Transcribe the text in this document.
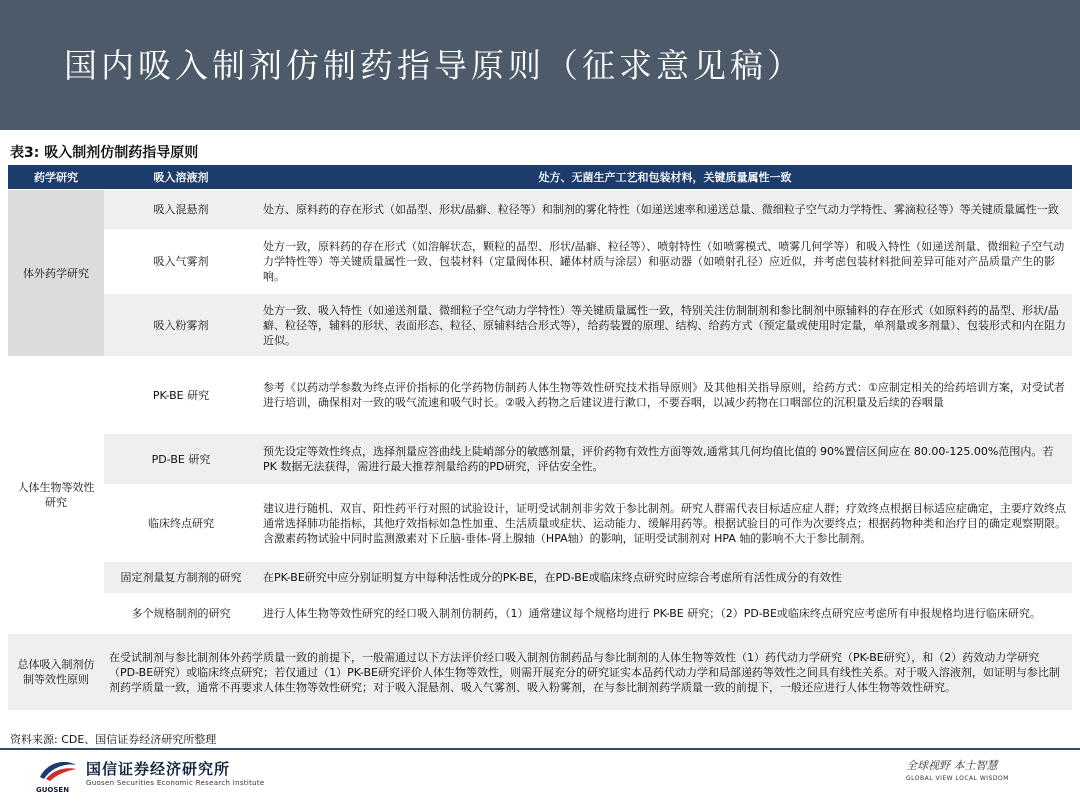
国内吸入制剂仿制药指导原则（征求意见稿）
表3: 吸入制剂仿制药指导原则
药学研究	吸入溶液剂	处方、无菌生产工艺和包装材料，关键质量属性一致
体外药学研究	吸入混悬剂	处方、原料药的存在形式（如晶型、形状/晶癖、粒径等）和制剂的雾化特性（如递送速率和递送总量、微细粒子空气动力学特性、雾滴粒径等）等关键质量属性一致
	吸入气雾剂	处方一致，原料药的存在形式（如溶解状态，颗粒的晶型、形状/晶癖、粒径等）、喷射特性（如喷雾模式、喷雾几何学等）和吸入特性（如递送剂量、微细粒子空气动力学特性等）等关键质量属性一致、包装材料（定量阀体积、罐体材质与涂层）和驱动器（如喷射孔径）应近似，并考虑包装材料批间差异可能对产品质量产生的影响。
	吸入粉雾剂	处方一致、吸入特性（如递送剂量、微细粒子空气动力学特性）等关键质量属性一致，特别关注仿制制剂和参比制剂中原辅料的存在形式（如原料药的晶型、形状/晶癖、粒径等，辅料的形状、表面形态、粒径、原辅料结合形式等），给药装置的原理、结构、给药方式（预定量或使用时定量，单剂量或多剂量）、包装形式和内在阻力近似。
人体生物等效性研究	PK-BE 研究	参考《以药动学参数为终点评价指标的化学药物仿制药人体生物等效性研究技术指导原则》及其他相关指导原则，给药方式：①应制定相关的给药培训方案，对受试者进行培训，确保相对一致的吸气流速和吸气时长。②吸入药物之后建议进行漱口，不要吞咽，以减少药物在口咽部位的沉积量及后续的吞咽量
	PD-BE 研究	预先设定等效性终点，选择剂量应答曲线上陡峭部分的敏感剂量，评价药物有效性方面等效,通常其几何均值比值的 90%置信区间应在 80.00-125.00%范围内。若 PK 数据无法获得，需进行最大推荐剂量给药的PD研究，评估安全性。
	临床终点研究	建议进行随机、双盲、阳性药平行对照的试验设计，证明受试制剂非劣效于参比制剂。研究人群需代表目标适应症人群；疗效终点根据目标适应症确定，主要疗效终点通常选择肺功能指标，其他疗效指标如急性加重、生活质量或症状、运动能力、缓解用药等。根据试验目的可作为次要终点；根据药物种类和治疗目的确定观察期限。含激素药物试验中同时监测激素对下丘脑-垂体-肾上腺轴（HPA轴）的影响，证明受试制剂对 HPA 轴的影响不大于参比制剂。
	固定剂量复方制剂的研究	在PK-BE研究中应分别证明复方中每种活性成分的PK-BE，在PD-BE或临床终点研究时应综合考虑所有活性成分的有效性
	多个规格制剂的研究	进行人体生物等效性研究的经口吸入制剂仿制药，（1）通常建议每个规格均进行 PK-BE 研究；（2）PD-BE或临床终点研究应考虑所有申报规格均进行临床研究。
总体吸入制剂仿制等效性原则	在受试制剂与参比制剂体外药学质量一致的前提下，一般需通过以下方法评价经口吸入制剂仿制药品与参比制剂的人体生物等效性（1）药代动力学研究（PK-BE研究），和（2）药效动力学研究（PD-BE研究）或临床终点研究；若仅通过（1）PK-BE研究评价人体生物等效性，则需开展充分的研究证实本品药代动力学和局部递药等效性之间具有线性关系。对于吸入溶液剂，如证明与参比制剂药学质量一致，通常不再要求人体生物等效性研究；对于吸入混悬剂、吸入气雾剂、吸入粉雾剂，在与参比制剂药学质量一致的前提下，一般还应进行人体生物等效性研究。	
资料来源: CDE、国信证券经济研究所整理
GUOSEN
国信证券经济研究所
Guosen Securities Economic Research Institute
全球视野 本土智慧
GLOBAL VIEW LOCAL WISDOM
